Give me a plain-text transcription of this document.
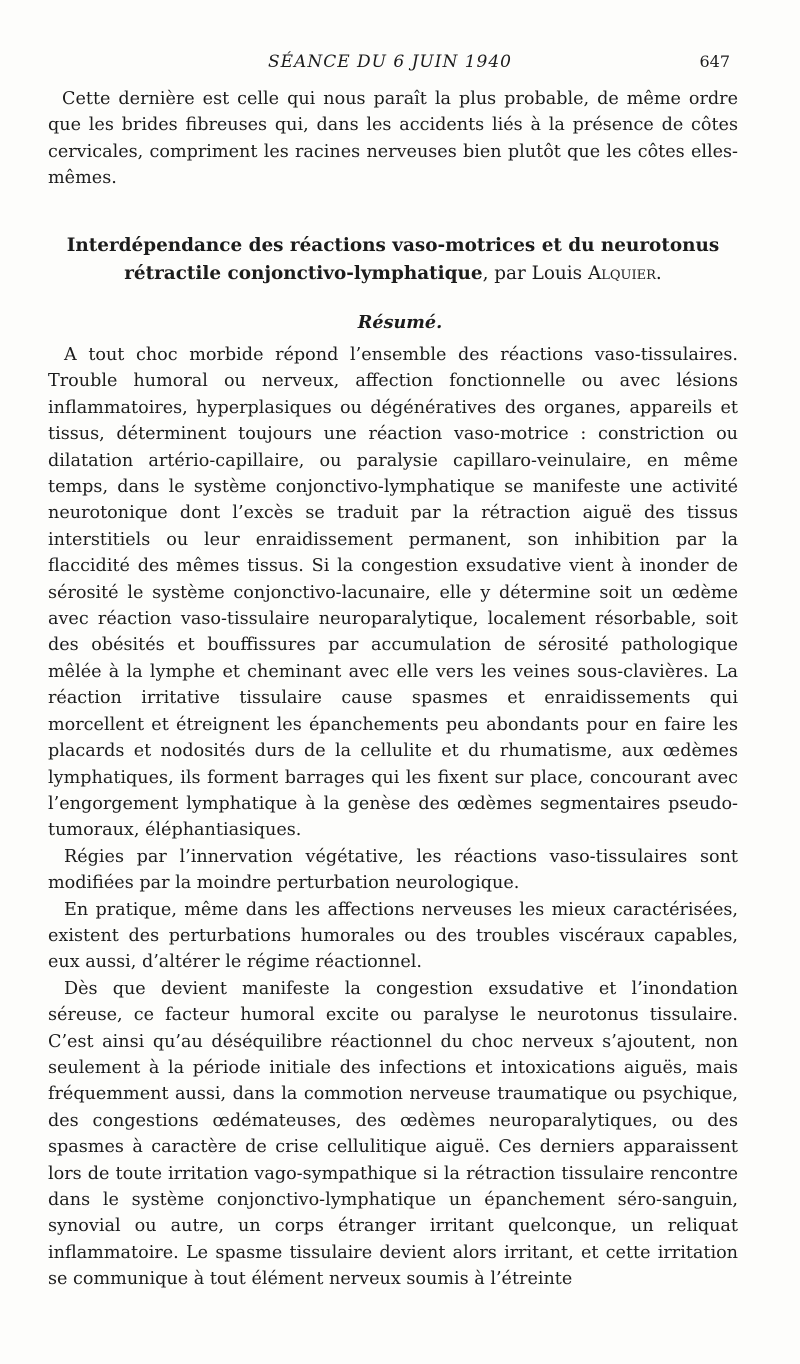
SÉANCE DU 6 JUIN 1940	647

Cette dernière est celle qui nous paraît la plus probable, de même ordre que les brides fibreuses qui, dans les accidents liés à la présence de côtes cervicales, compriment les racines nerveuses bien plutôt que les côtes elles-mêmes.

Interdépendance des réactions vaso-motrices et du neurotonus rétractile conjonctivo-lymphatique, par Louis Alquier.
Résumé.

A tout choc morbide répond l’ensemble des réactions vaso-tissulaires. Trouble humoral ou nerveux, affection fonctionnelle ou avec lésions inflammatoires, hyperplasiques ou dégénératives des organes, appareils et tissus, déterminent toujours une réaction vaso-motrice : constriction ou dilatation artério-capillaire, ou paralysie capillaro-veinulaire, en même temps, dans le système conjonctivo-lymphatique se manifeste une activité neurotonique dont l’excès se traduit par la rétraction aiguë des tissus interstitiels ou leur enraidissement permanent, son inhibition par la flaccidité des mêmes tissus. Si la congestion exsudative vient à inonder de sérosité le système conjonctivo-lacunaire, elle y détermine soit un œdème avec réaction vaso-tissulaire neuroparalytique, localement résorbable, soit des obésités et bouffissures par accumulation de sérosité pathologique mêlée à la lymphe et cheminant avec elle vers les veines sous-clavières. La réaction irritative tissulaire cause spasmes et enraidissements qui morcellent et étreignent les épanchements peu abondants pour en faire les placards et nodosités durs de la cellulite et du rhumatisme, aux œdèmes lymphatiques, ils forment barrages qui les fixent sur place, concourant avec l’engorgement lymphatique à la genèse des œdèmes segmentaires pseudo-tumoraux, éléphantiasiques.

Régies par l’innervation végétative, les réactions vaso-tissulaires sont modifiées par la moindre perturbation neurologique.

En pratique, même dans les affections nerveuses les mieux caractérisées, existent des perturbations humorales ou des troubles viscéraux capables, eux aussi, d’altérer le régime réactionnel.

Dès que devient manifeste la congestion exsudative et l’inondation séreuse, ce facteur humoral excite ou paralyse le neurotonus tissulaire. C’est ainsi qu’au déséquilibre réactionnel du choc nerveux s’ajoutent, non seulement à la période initiale des infections et intoxications aiguës, mais fréquemment aussi, dans la commotion nerveuse traumatique ou psychique, des congestions œdémateuses, des œdèmes neuroparalytiques, ou des spasmes à caractère de crise cellulitique aiguë. Ces derniers apparaissent lors de toute irritation vago-sympathique si la rétraction tissulaire rencontre dans le système conjonctivo-lymphatique un épanchement séro-sanguin, synovial ou autre, un corps étranger irritant quelconque, un reliquat inflammatoire. Le spasme tissulaire devient alors irritant, et cette irritation se communique à tout élément nerveux soumis à l’étreinte
